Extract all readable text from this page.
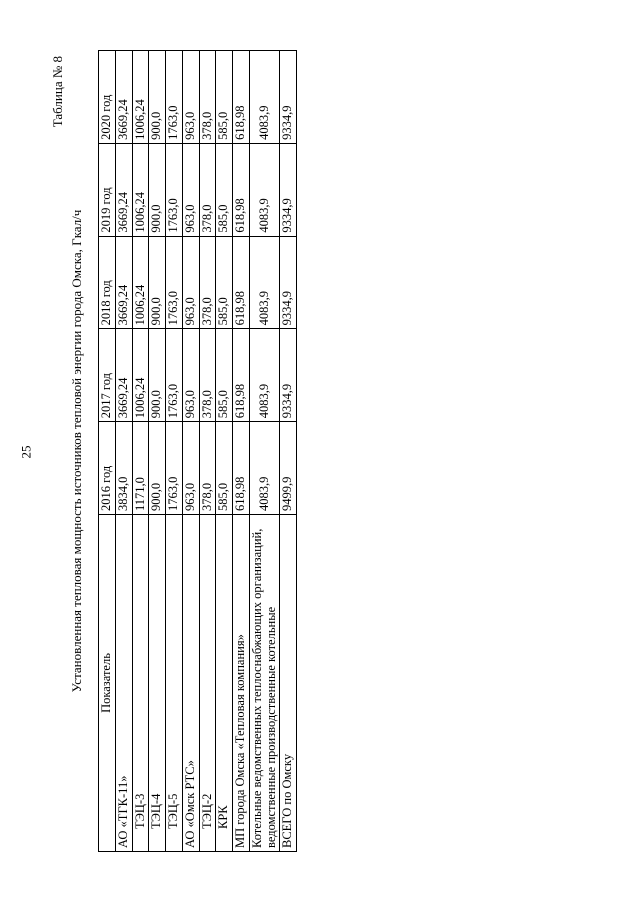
25
Таблица № 8
Установленная тепловая мощность источников тепловой энергии города Омска, Гкал/ч Показатель	2016 год	2017 год	2018 год	2019 год	2020 год
АО «ТГК-11»	3834,0	3669,24	3669,24	3669,24	3669,24
ТЭЦ-3	1171,0	1006,24	1006,24	1006,24	1006,24
ТЭЦ-4	900,0	900,0	900,0	900,0	900,0
ТЭЦ-5	1763,0	1763,0	1763,0	1763,0	1763,0
АО «Омск РТС»	963,0	963,0	963,0	963,0	963,0
ТЭЦ-2	378,0	378,0	378,0	378,0	378,0
КРК	585,0	585,0	585,0	585,0	585,0
МП города Омска «Тепловая компания»	618,98	618,98	618,98	618,98	618,98
Котельные ведомственных теплоснабжающих организаций, ведомственные производственные котельные	4083,9	4083,9	4083,9	4083,9	4083,9
ВСЕГО по Омску	9499,9	9334,9	9334,9	9334,9	9334,9
